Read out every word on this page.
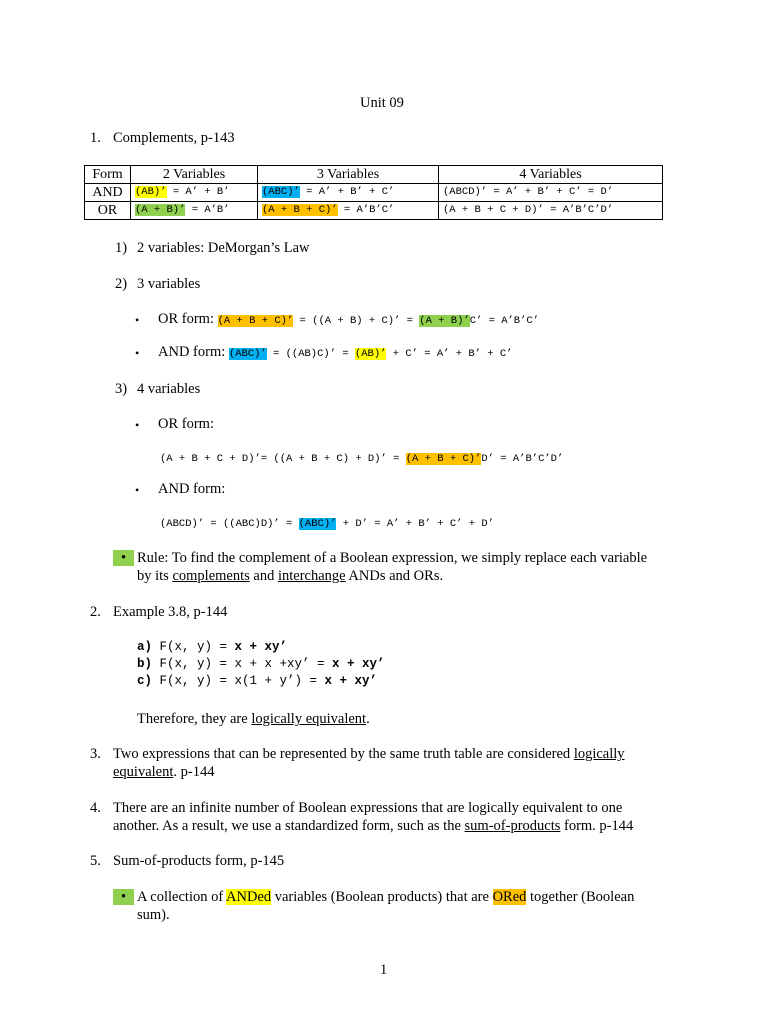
Unit 09
1. Complements, p-143
Form	2 Variables	3 Variables	4 Variables
AND	(AB)’ = A’ + B’	(ABC)’ = A’ + B’ + C’	(ABCD)’ = A’ + B’ + C’ = D’
OR	(A + B)’ = A’B’	(A + B + C)’ = A’B’C’	(A + B + C + D)’ = A’B’C’D’
1) 2 variables: DeMorgan’s Law
2) 3 variables
• OR form: (A + B + C)’ = ((A + B) + C)’ = (A + B)’C’ = A’B’C’
• AND form: (ABC)’ = ((AB)C)’ = (AB)’ + C’ = A’ + B’ + C’
3) 4 variables
• OR form:
(A + B + C + D)’= ((A + B + C) + D)’ = (A + B + C)’D’ = A’B’C’D’
• AND form:
(ABCD)’ = ((ABC)D)’ = (ABC)’ + D’ = A’ + B’ + C’ + D’
• Rule: To find the complement of a Boolean expression, we simply replace each variable
by its complements and interchange ANDs and ORs.
2. Example 3.8, p-144
a) F(x, y) = x + xy’
b) F(x, y) = x + x +xy’ = x + xy’
c) F(x, y) = x(1 + y’) = x + xy’
Therefore, they are logically equivalent.
3. Two expressions that can be represented by the same truth table are considered logically
equivalent. p-144
4. There are an infinite number of Boolean expressions that are logically equivalent to one
another. As a result, we use a standardized form, such as the sum-of-products form. p-144
5. Sum-of-products form, p-145
• A collection of ANDed variables (Boolean products) that are ORed together (Boolean
sum).
1
